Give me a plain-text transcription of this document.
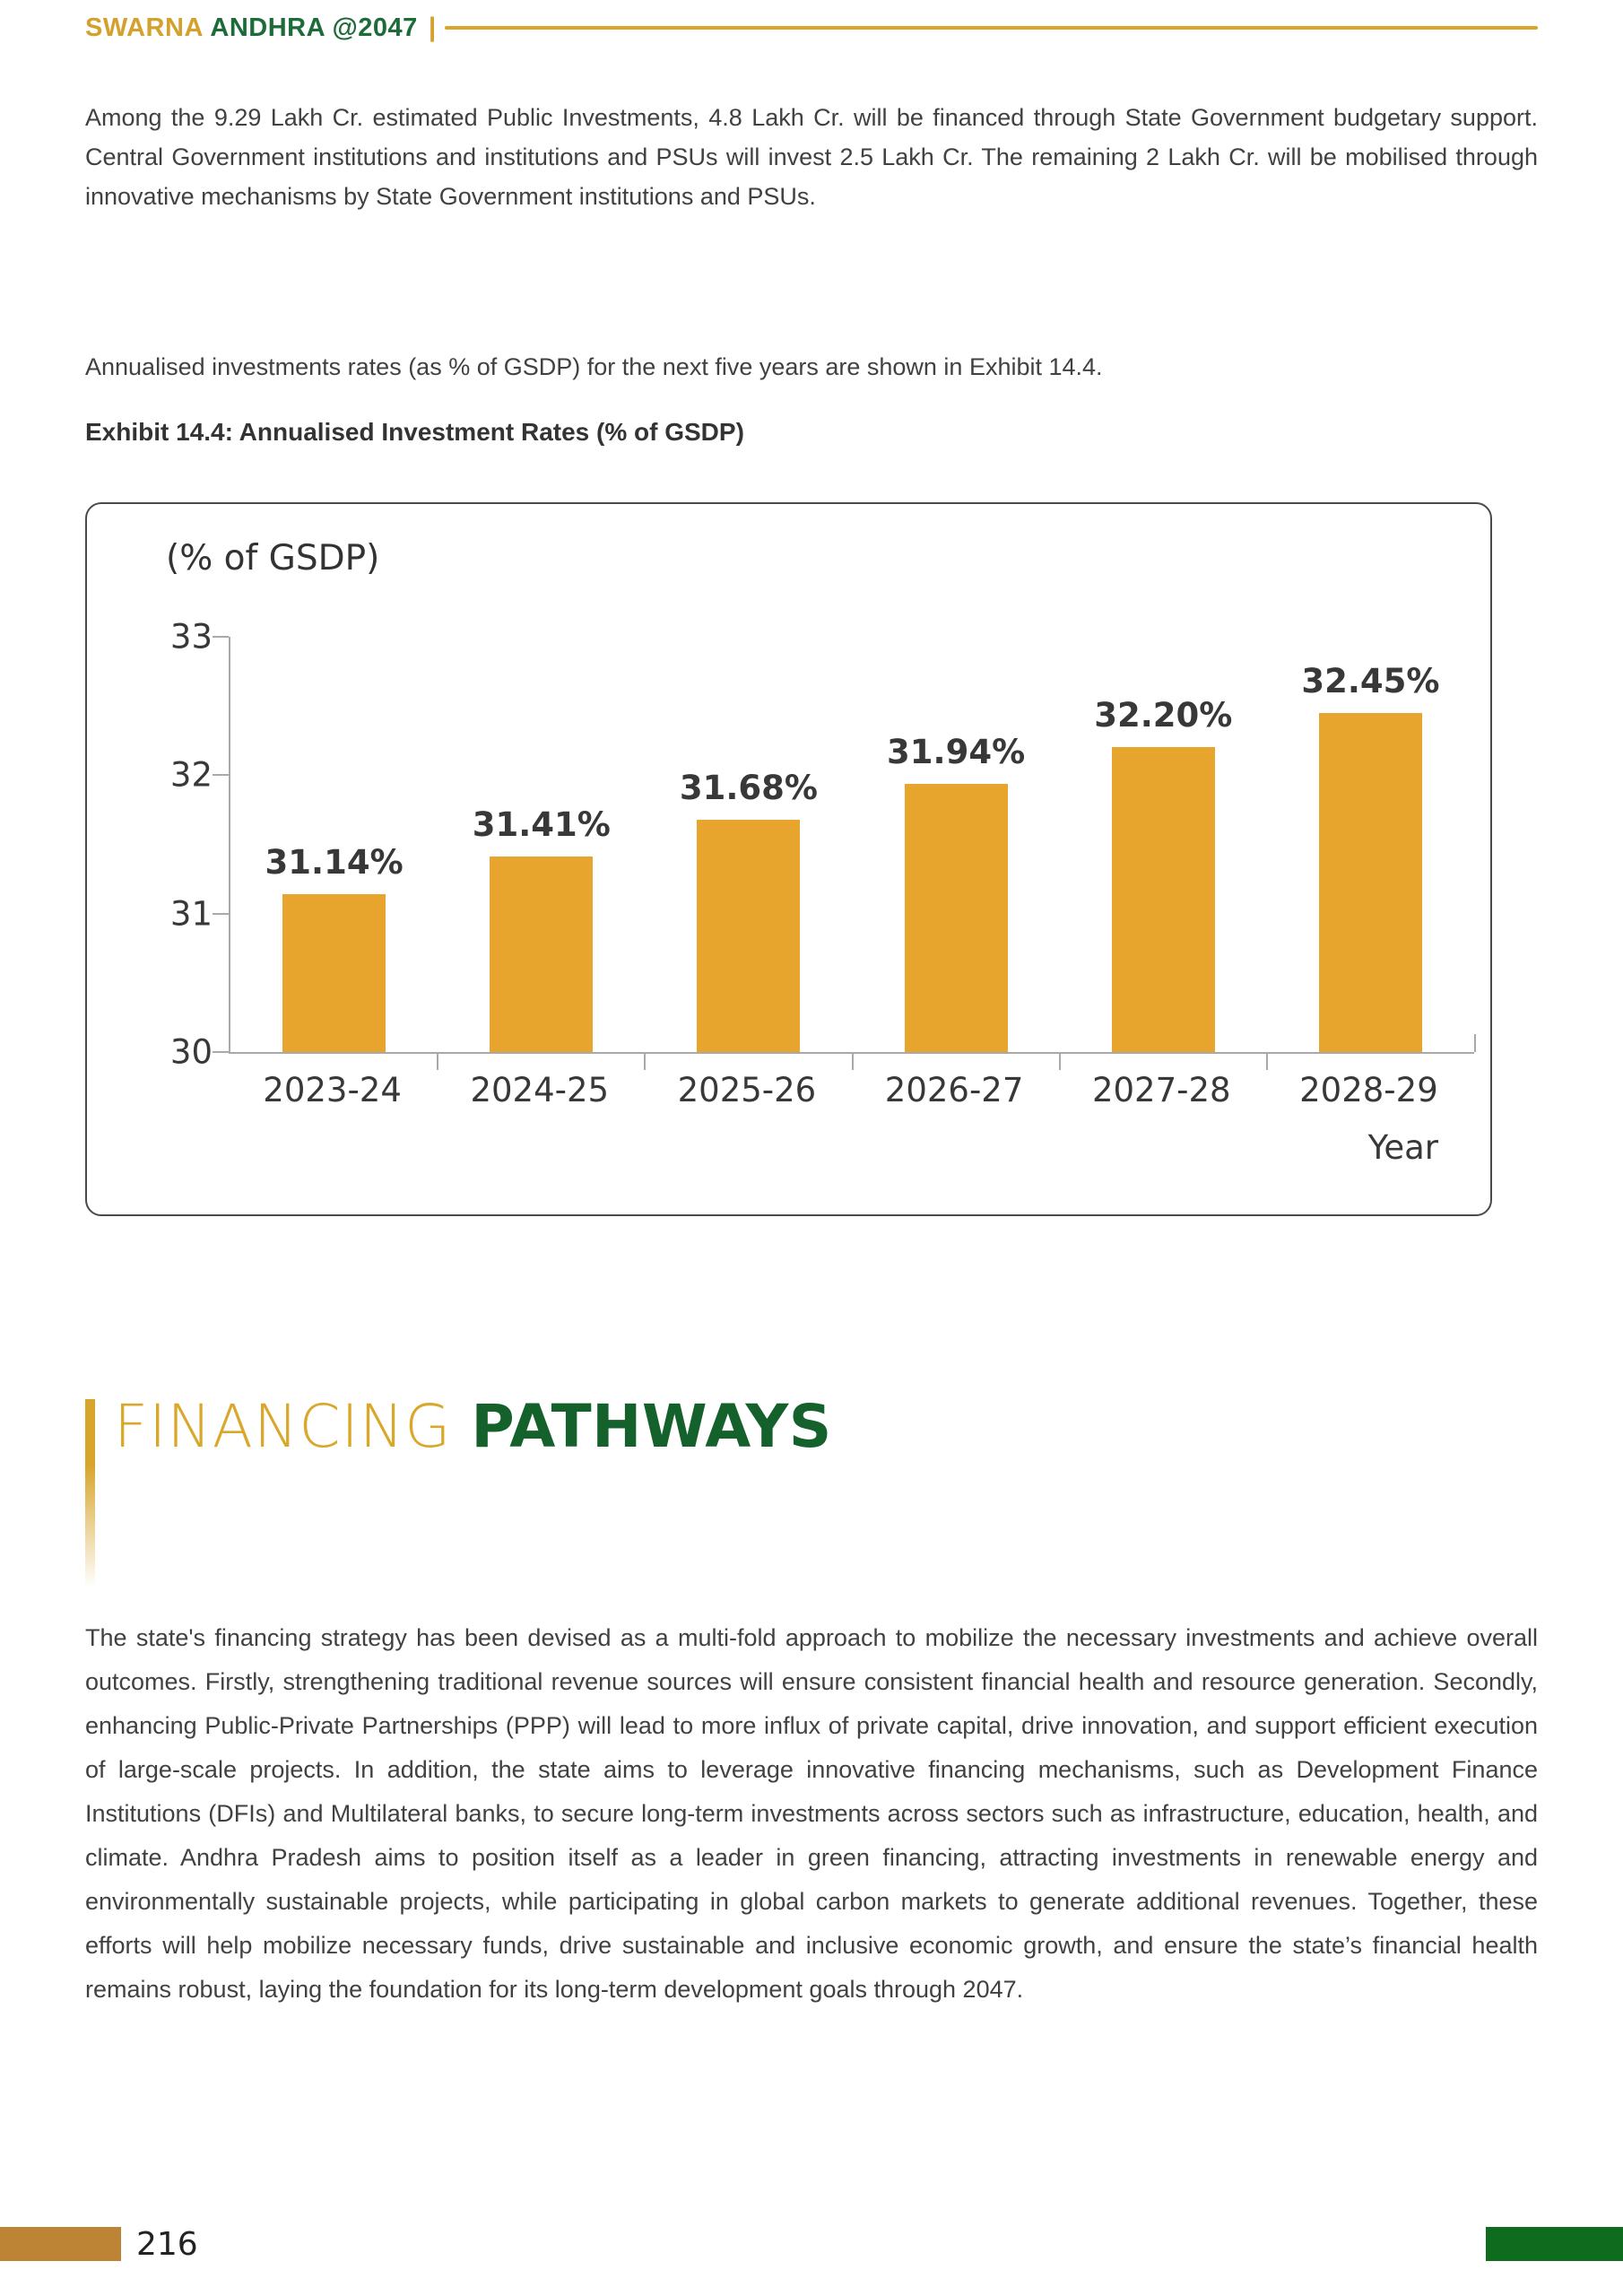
SWARNA ANDHRA @2047 |

Among the 9.29 Lakh Cr. estimated Public Investments, 4.8 Lakh Cr. will be financed through State Government budgetary support. Central Government institutions and institutions and PSUs will invest 2.5 Lakh Cr. The remaining 2 Lakh Cr. will be mobilised through innovative mechanisms by State Government institutions and PSUs.

Annualised investments rates (as % of GSDP) for the next five years are shown in Exhibit 14.4.

Exhibit 14.4: Annualised Investment Rates (% of GSDP)
(% of GSDP)
33
32
31
30
31.14%
31.41%
31.68%
31.94%
32.20%
32.45%
2023-24	2024-25	2025-26	2026-27	2027-28	2028-29
Year
FINANCING PATHWAYS

The state's financing strategy has been devised as a multi-fold approach to mobilize the necessary investments and achieve overall outcomes. Firstly, strengthening traditional revenue sources will ensure consistent financial health and resource generation. Secondly, enhancing Public-Private Partnerships (PPP) will lead to more influx of private capital, drive innovation, and support efficient execution of large-scale projects. In addition, the state aims to leverage innovative financing mechanisms, such as Development Finance Institutions (DFIs) and Multilateral banks, to secure long-term investments across sectors such as infrastructure, education, health, and climate. Andhra Pradesh aims to position itself as a leader in green financing, attracting investments in renewable energy and environmentally sustainable projects, while participating in global carbon markets to generate additional revenues. Together, these efforts will help mobilize necessary funds, drive sustainable and inclusive economic growth, and ensure the state’s financial health remains robust, laying the foundation for its long-term development goals through 2047.

216
